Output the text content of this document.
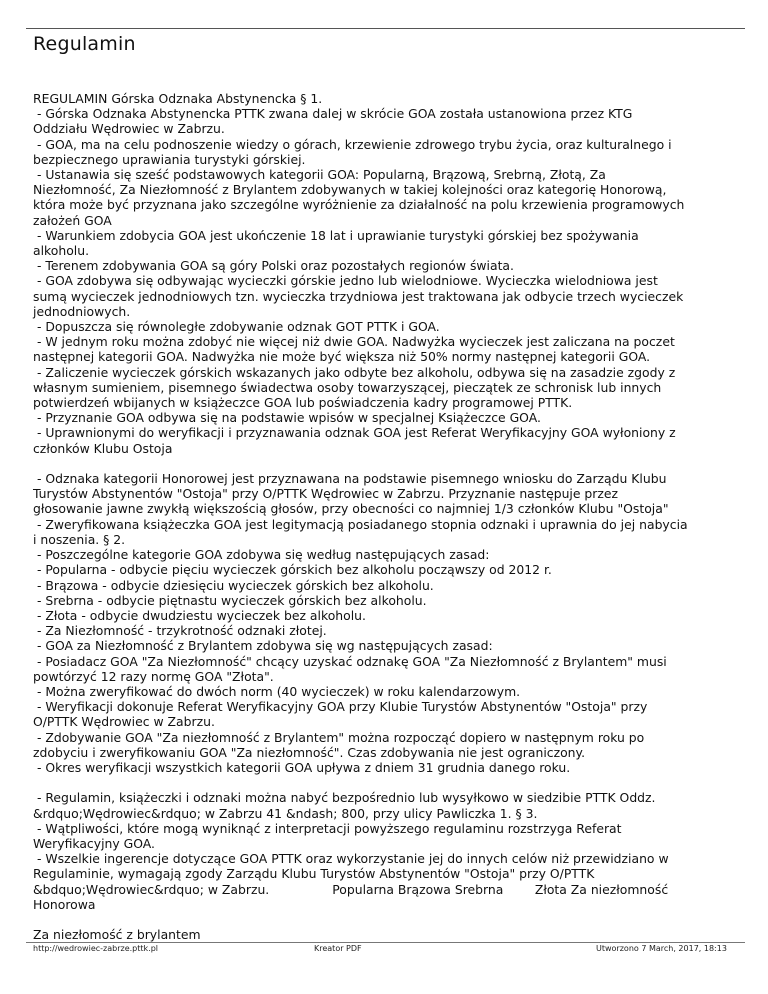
Regulamin
REGULAMIN Górska Odznaka Abstynencka § 1.
- Górska Odznaka Abstynencka PTTK zwana dalej w skrócie GOA została ustanowiona przez KTG
Oddziału Wędrowiec w Zabrzu.
- GOA, ma na celu podnoszenie wiedzy o górach, krzewienie zdrowego trybu życia, oraz kulturalnego i
bezpiecznego uprawiania turystyki górskiej.
- Ustanawia się sześć podstawowych kategorii GOA: Popularną, Brązową, Srebrną, Złotą, Za
Niezłomność, Za Niezłomność z Brylantem zdobywanych w takiej kolejności oraz kategorię Honorową,
która może być przyznana jako szczególne wyróżnienie za działalność na polu krzewienia programowych
założeń GOA
- Warunkiem zdobycia GOA jest ukończenie 18 lat i uprawianie turystyki górskiej bez spożywania
alkoholu.
- Terenem zdobywania GOA są góry Polski oraz pozostałych regionów świata.
- GOA zdobywa się odbywając wycieczki górskie jedno lub wielodniowe. Wycieczka wielodniowa jest
sumą wycieczek jednodniowych tzn. wycieczka trzydniowa jest traktowana jak odbycie trzech wycieczek
jednodniowych.
- Dopuszcza się równoległe zdobywanie odznak GOT PTTK i GOA.
- W jednym roku można zdobyć nie więcej niż dwie GOA. Nadwyżka wycieczek jest zaliczana na poczet
następnej kategorii GOA. Nadwyżka nie może być większa niż 50% normy następnej kategorii GOA.
- Zaliczenie wycieczek górskich wskazanych jako odbyte bez alkoholu, odbywa się na zasadzie zgody z
własnym sumieniem, pisemnego świadectwa osoby towarzyszącej, pieczątek ze schronisk lub innych
potwierdzeń wbijanych w książeczce GOA lub poświadczenia kadry programowej PTTK.
- Przyznanie GOA odbywa się na podstawie wpisów w specjalnej Książeczce GOA.
- Uprawnionymi do weryfikacji i przyznawania odznak GOA jest Referat Weryfikacyjny GOA wyłoniony z
członków Klubu Ostoja

- Odznaka kategorii Honorowej jest przyznawana na podstawie pisemnego wniosku do Zarządu Klubu
Turystów Abstynentów "Ostoja" przy O/PTTK Wędrowiec w Zabrzu. Przyznanie następuje przez
głosowanie jawne zwykłą większością głosów, przy obecności co najmniej 1/3 członków Klubu "Ostoja"
- Zweryfikowana książeczka GOA jest legitymacją posiadanego stopnia odznaki i uprawnia do jej nabycia
i noszenia. § 2.
- Poszczególne kategorie GOA zdobywa się według następujących zasad:
- Popularna - odbycie pięciu wycieczek górskich bez alkoholu począwszy od 2012 r.
- Brązowa - odbycie dziesięciu wycieczek górskich bez alkoholu.
- Srebrna - odbycie piętnastu wycieczek górskich bez alkoholu.
- Złota - odbycie dwudziestu wycieczek bez alkoholu.
- Za Niezłomność - trzykrotność odznaki złotej.
- GOA za Niezłomność z Brylantem zdobywa się wg następujących zasad:
- Posiadacz GOA "Za Niezłomność" chcący uzyskać odznakę GOA "Za Niezłomność z Brylantem" musi
powtórzyć 12 razy normę GOA "Złota".
- Można zweryfikować do dwóch norm (40 wycieczek) w roku kalendarzowym.
- Weryfikacji dokonuje Referat Weryfikacyjny GOA przy Klubie Turystów Abstynentów "Ostoja" przy
O/PTTK Wędrowiec w Zabrzu.
- Zdobywanie GOA "Za niezłomność z Brylantem" można rozpocząć dopiero w następnym roku po
zdobyciu i zweryfikowaniu GOA "Za niezłomność". Czas zdobywania nie jest ograniczony.
- Okres weryfikacji wszystkich kategorii GOA upływa z dniem 31 grudnia danego roku.

- Regulamin, książeczki i odznaki można nabyć bezpośrednio lub wysyłkowo w siedzibie PTTK Oddz.
&rdquo;Wędrowiec&rdquo; w Zabrzu 41 &ndash; 800, przy ulicy Pawliczka 1. § 3.
- Wątpliwości, które mogą wyniknąć z interpretacji powyższego regulaminu rozstrzyga Referat
Weryfikacyjny GOA.
- Wszelkie ingerencje dotyczące GOA PTTK oraz wykorzystanie jej do innych celów niż przewidziano w
Regulaminie, wymagają zgody Zarządu Klubu Turystów Abstynentów "Ostoja" przy O/PTTK
&bdquo;Wędrowiec&rdquo; w Zabrzu.                Popularna Brązowa Srebrna        Złota Za niezłomność
Honorowa

Za niezłomość z brylantem
http://wedrowiec-zabrze.pttk.pl	Kreator PDF	Utworzono 7 March, 2017, 18:13
